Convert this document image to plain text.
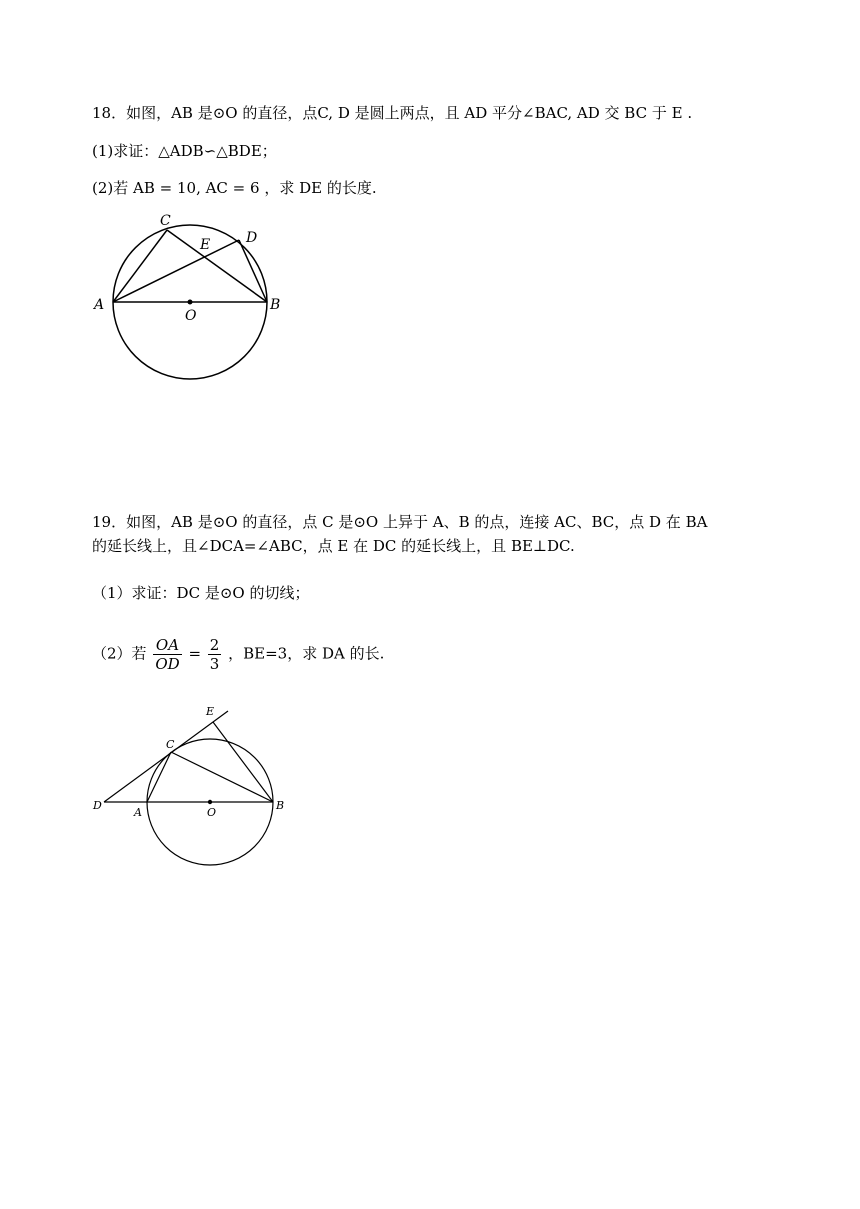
18．如图，AB 是⊙O 的直径，点C, D 是圆上两点，且 AD 平分∠BAC, AD 交 BC 于 E .
(1)求证：△ADB∽△BDE；
(2)若 AB = 10, AC = 6 ，求 DE 的长度.
A	B
C
D
E
O
19．如图，AB 是⊙O 的直径，点 C 是⊙O 上异于 A、B 的点，连接 AC、BC，点 D 在 BA
的延长线上，且∠DCA=∠ABC，点 E 在 DC 的延长线上，且 BE⊥DC.
（1）求证：DC 是⊙O 的切线；
（2）若 $\frac{OA}{OD} = \frac{2}{3}$ ，BE=3，求 DA 的长.
D
A	O
B
C
E
